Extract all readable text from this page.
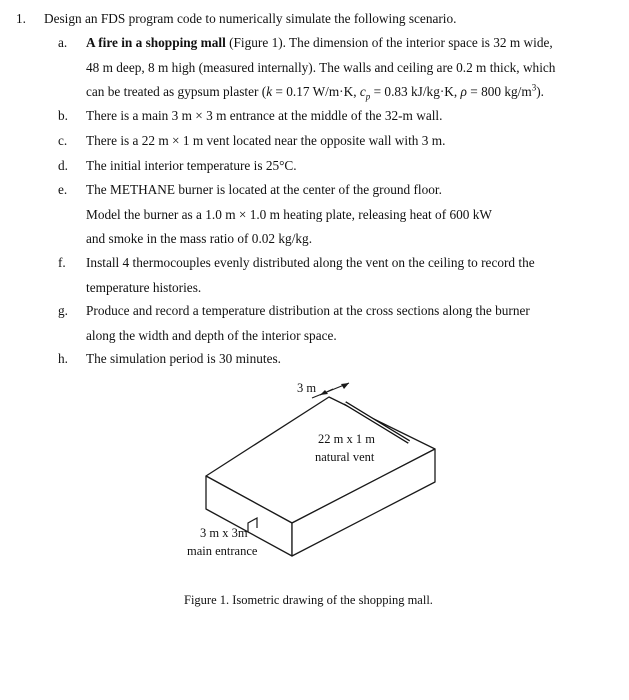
1. Design an FDS program code to numerically simulate the following scenario.
a.	A fire in a shopping mall (Figure 1). The dimension of the interior space is 32 m wide,
48 m deep, 8 m high (measured internally). The walls and ceiling are 0.2 m thick, which
can be treated as gypsum plaster (k = 0.17 W/m·K, $c_p = 0.83$ kJ/kg·K, ρ = 800 $kg/m^3$).
b.	There is a main 3 m × 3 m entrance at the middle of the 32-m wall.
c.	There is a 22 m × 1 m vent located near the opposite wall with 3 m.
d.	The initial interior temperature is 25°C.
e.	The METHANE burner is located at the center of the ground floor.
Model the burner as a 1.0 m × 1.0 m heating plate, releasing heat of 600 kW
and smoke in the mass ratio of 0.02 kg/kg.
f.	Install 4 thermocouples evenly distributed along the vent on the ceiling to record the
temperature histories.
g.	Produce and record a temperature distribution at the cross sections along the burner
along the width and depth of the interior space.
h.	The simulation period is 30 minutes.
3 m
22 m x 1 m
natural vent
3 m x 3m
main entrance
Figure 1. Isometric drawing of the shopping mall.
